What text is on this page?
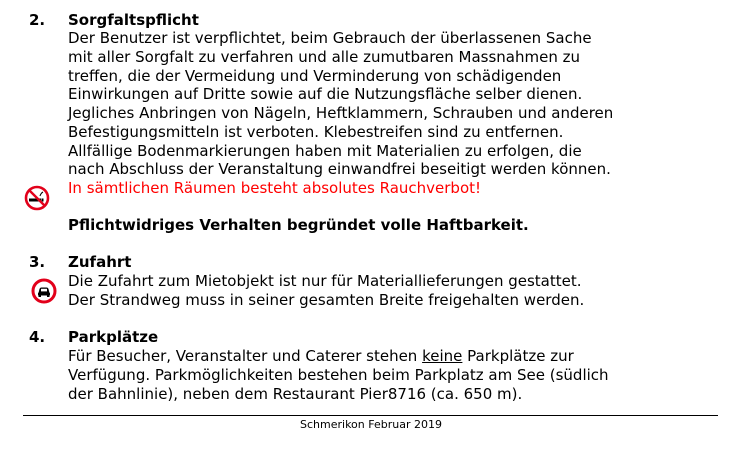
2. Sorgfaltspflicht
Der Benutzer ist verpflichtet, beim Gebrauch der überlassenen Sache
mit aller Sorgfalt zu verfahren und alle zumutbaren Massnahmen zu
treffen, die der Vermeidung und Verminderung von schädigenden
Einwirkungen auf Dritte sowie auf die Nutzungsfläche selber dienen.
Jegliches Anbringen von Nägeln, Heftklammern, Schrauben und anderen
Befestigungsmitteln ist verboten. Klebestreifen sind zu entfernen.
Allfällige Bodenmarkierungen haben mit Materialien zu erfolgen, die
nach Abschluss der Veranstaltung einwandfrei beseitigt werden können.
In sämtlichen Räumen besteht absolutes Rauchverbot!
Pflichtwidriges Verhalten begründet volle Haftbarkeit.
3. Zufahrt
Die Zufahrt zum Mietobjekt ist nur für Materiallieferungen gestattet.
Der Strandweg muss in seiner gesamten Breite freigehalten werden.
4. Parkplätze
Für Besucher, Veranstalter und Caterer stehen keine Parkplätze zur
Verfügung. Parkmöglichkeiten bestehen beim Parkplatz am See (südlich
der Bahnlinie), neben dem Restaurant Pier8716 (ca. 650 m).
Schmerikon Februar 2019
